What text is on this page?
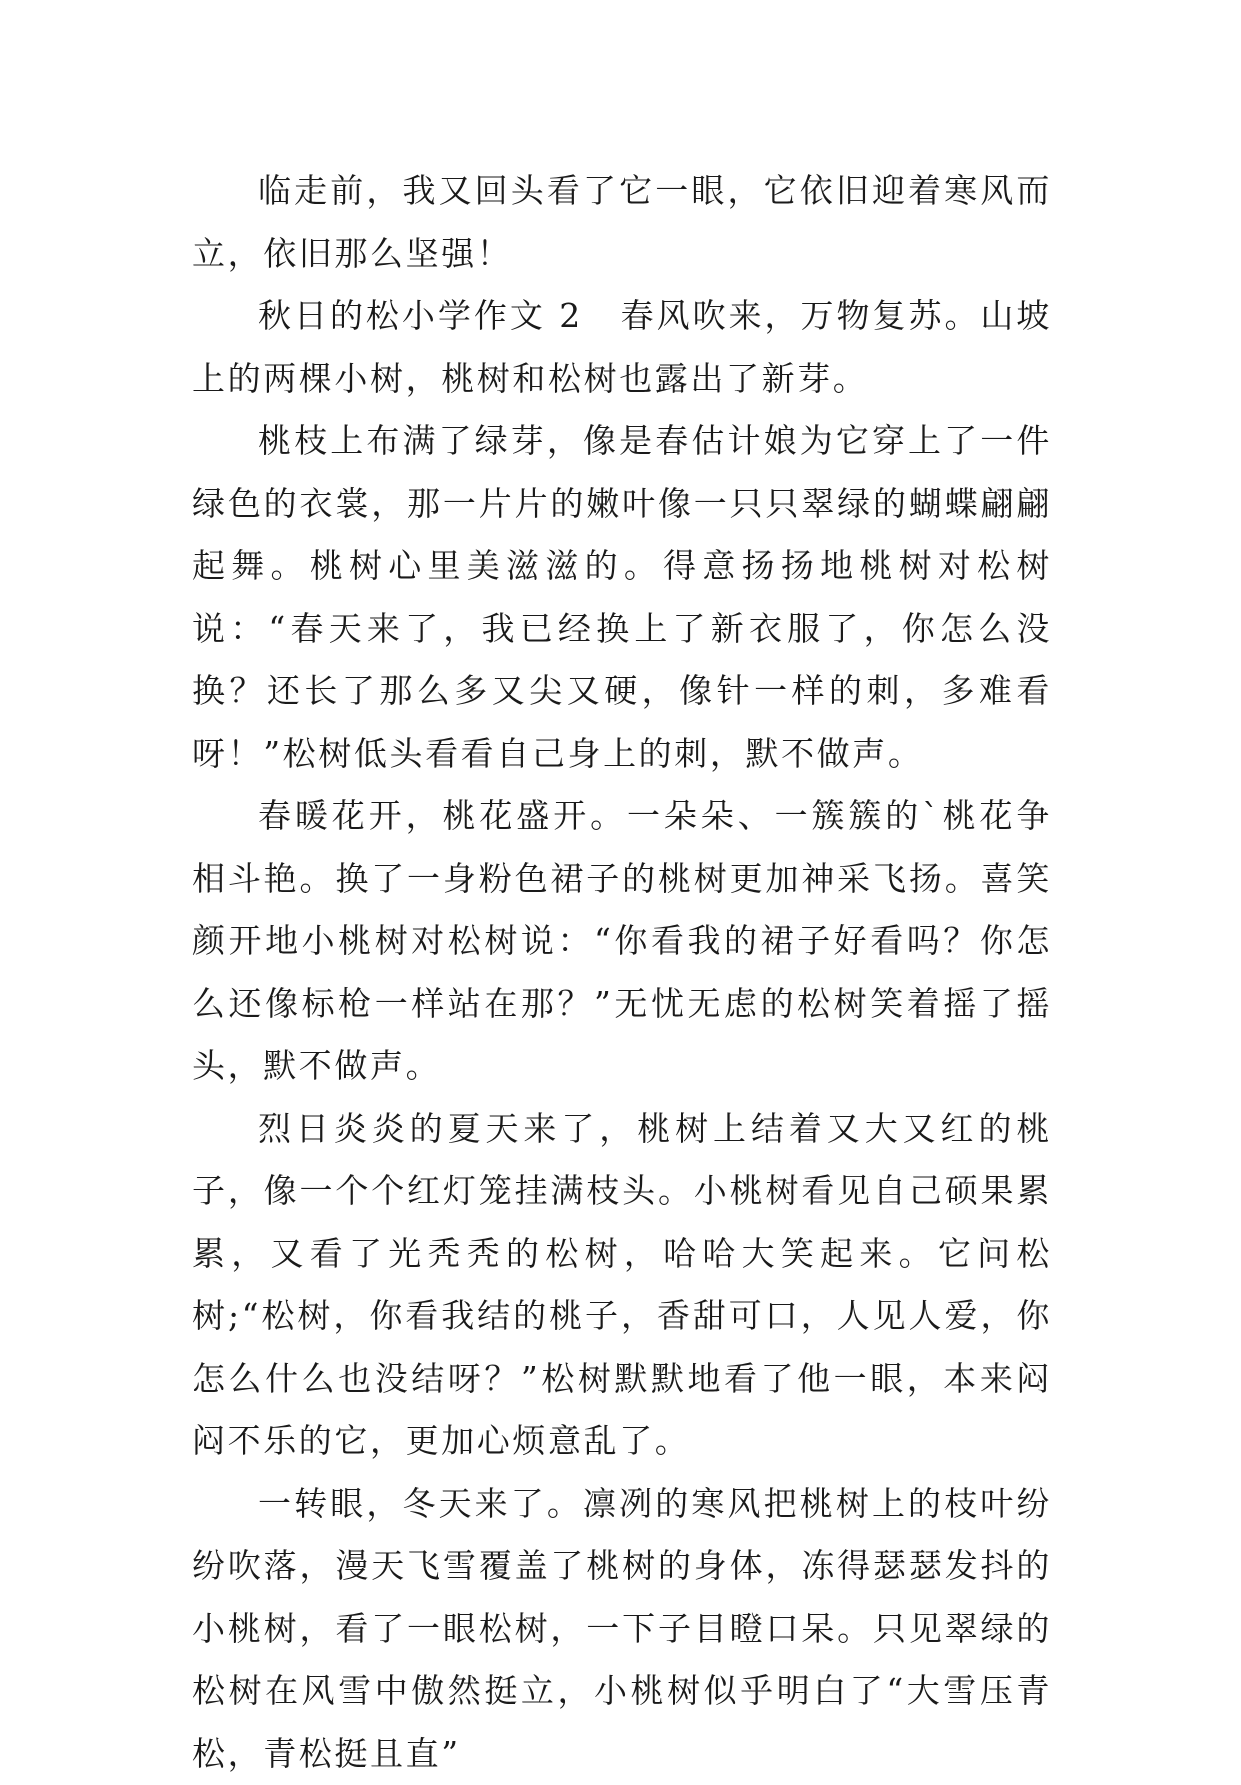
临走前，我又回头看了它一眼，它依旧迎着寒风而立，依旧那么坚强！

秋日的松小学作文 2 春风吹来，万物复苏。山坡上的两棵小树，桃树和松树也露出了新芽。

桃枝上布满了绿芽，像是春估计娘为它穿上了一件绿色的衣裳，那一片片的嫩叶像一只只翠绿的蝴蝶翩翩起舞。桃树心里美滋滋的。得意扬扬地桃树对松树说：“春天来了，我已经换上了新衣服了，你怎么没换？还长了那么多又尖又硬，像针一样的刺，多难看呀！”松树低头看看自己身上的刺，默不做声。

春暖花开，桃花盛开。一朵朵、一簇簇的`桃花争相斗艳。换了一身粉色裙子的桃树更加神采飞扬。喜笑颜开地小桃树对松树说：“你看我的裙子好看吗？你怎么还像标枪一样站在那？”无忧无虑的松树笑着摇了摇头，默不做声。

烈日炎炎的夏天来了，桃树上结着又大又红的桃子，像一个个红灯笼挂满枝头。小桃树看见自己硕果累累，又看了光秃秃的松树，哈哈大笑起来。它问松树;“松树，你看我结的桃子，香甜可口，人见人爱，你怎么什么也没结呀？”松树默默地看了他一眼，本来闷闷不乐的它，更加心烦意乱了。

一转眼，冬天来了。凛冽的寒风把桃树上的枝叶纷纷吹落，漫天飞雪覆盖了桃树的身体，冻得瑟瑟发抖的小桃树，看了一眼松树，一下子目瞪口呆。只见翠绿的松树在风雪中傲然挺立，小桃树似乎明白了“大雪压青松，青松挺且直”
